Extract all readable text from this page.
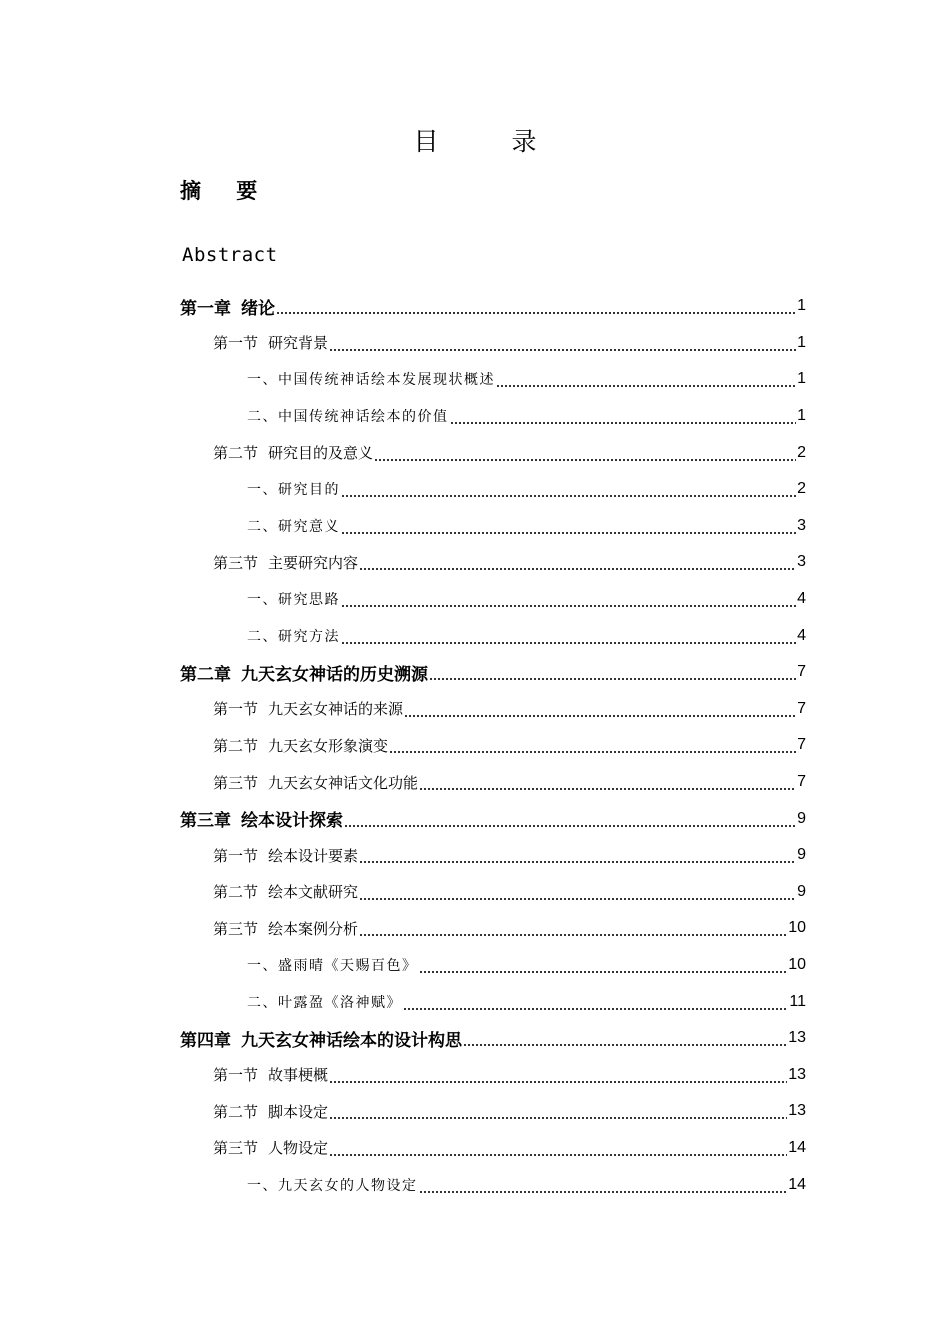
目　录
摘 要
Abstract
第一章 绪论	1
第一节 研究背景	1
一、中国传统神话绘本发展现状概述	1
二、中国传统神话绘本的价值	1
第二节 研究目的及意义	2
一、研究目的	2
二、研究意义	3
第三节 主要研究内容	3
一、研究思路	4
二、研究方法	4
第二章 九天玄女神话的历史溯源	7
第一节 九天玄女神话的来源	7
第二节 九天玄女形象演变	7
第三节 九天玄女神话文化功能	7
第三章 绘本设计探索	9
第一节 绘本设计要素	9
第二节 绘本文献研究	9
第三节 绘本案例分析	10
一、盛雨晴《天赐百色》	10
二、叶露盈《洛神赋》	11
第四章 九天玄女神话绘本的设计构思	13
第一节 故事梗概	13
第二节 脚本设定	13
第三节 人物设定	14
一、九天玄女的人物设定	14
